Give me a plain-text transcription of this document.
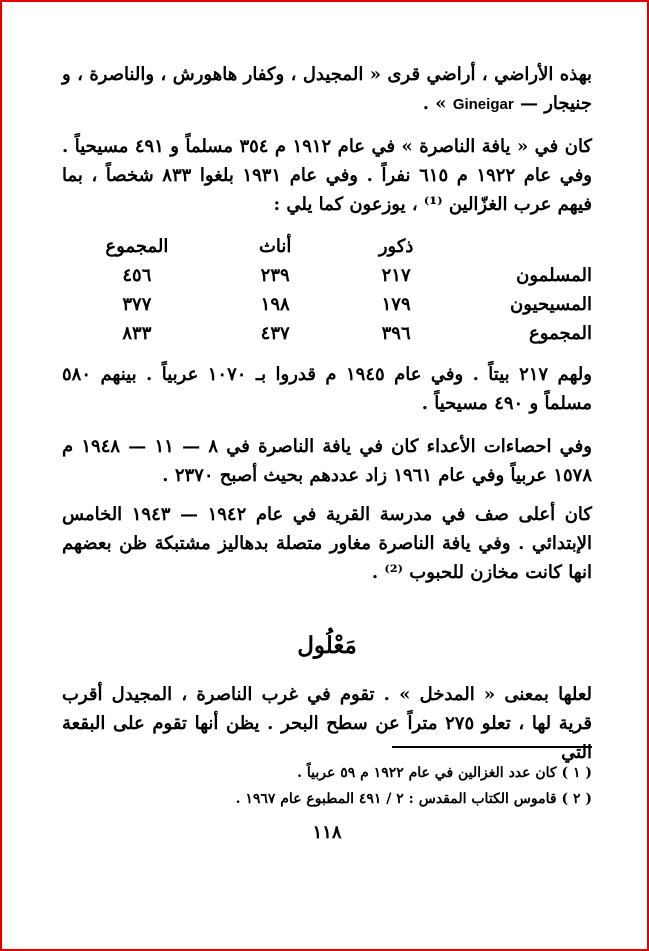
بهذه الأراضي ، أراضي قرى « المجيدل ، وكفار هاهورش ، والناصرة ، و جنيجار — Gineigar » .

كان في « يافة الناصرة » في عام ١٩١٢ م ٣٥٤ مسلماً و ٤٩١ مسيحياً . وفي عام ١٩٢٢ م ٦١٥ نفراً . وفي عام ١٩٣١ بلغوا ٨٣٣ شخصاً ، بما فيهم عرب الغزّالين ⁽¹⁾ ، يوزعون كما يلي :

	ذكور	أناث	المجموع
المسلمون	٢١٧	٢٣٩	٤٥٦
المسيحيون	١٧٩	١٩٨	٣٧٧
المجموع	٣٩٦	٤٣٧	٨٣٣

ولهم ٢١٧ بيتاً . وفي عام ١٩٤٥ م قدروا بـ ١٠٧٠ عربياً . بينهم ٥٨٠ مسلماً و ٤٩٠ مسيحياً .

وفي احصاءات الأعداء كان في يافة الناصرة في ٨ — ١١ — ١٩٤٨ م ١٥٧٨ عربياً وفي عام ١٩٦١ زاد عددهم بحيث أصبح ٢٣٧٠ .

كان أعلى صف في مدرسة القرية في عام ١٩٤٢ — ١٩٤٣ الخامس الإبتدائي . وفي يافة الناصرة مغاور متصلة بدهاليز مشتبكة ظن بعضهم انها كانت مخازن للحبوب ⁽²⁾ .

مَعْلُول

لعلها بمعنى « المدخل » . تقوم في غرب الناصرة ، المجيدل أقرب قرية لها ، تعلو ٢٧٥ متراً عن سطح البحر . يظن أنها تقوم على البقعة التي

( ١ ) كان عدد الغزالين في عام ١٩٢٢ م ٥٩ عربياً .
( ٢ ) قاموس الكتاب المقدس : ٢ / ٤٩١ المطبوع عام ١٩٦٧ .
١١٨
